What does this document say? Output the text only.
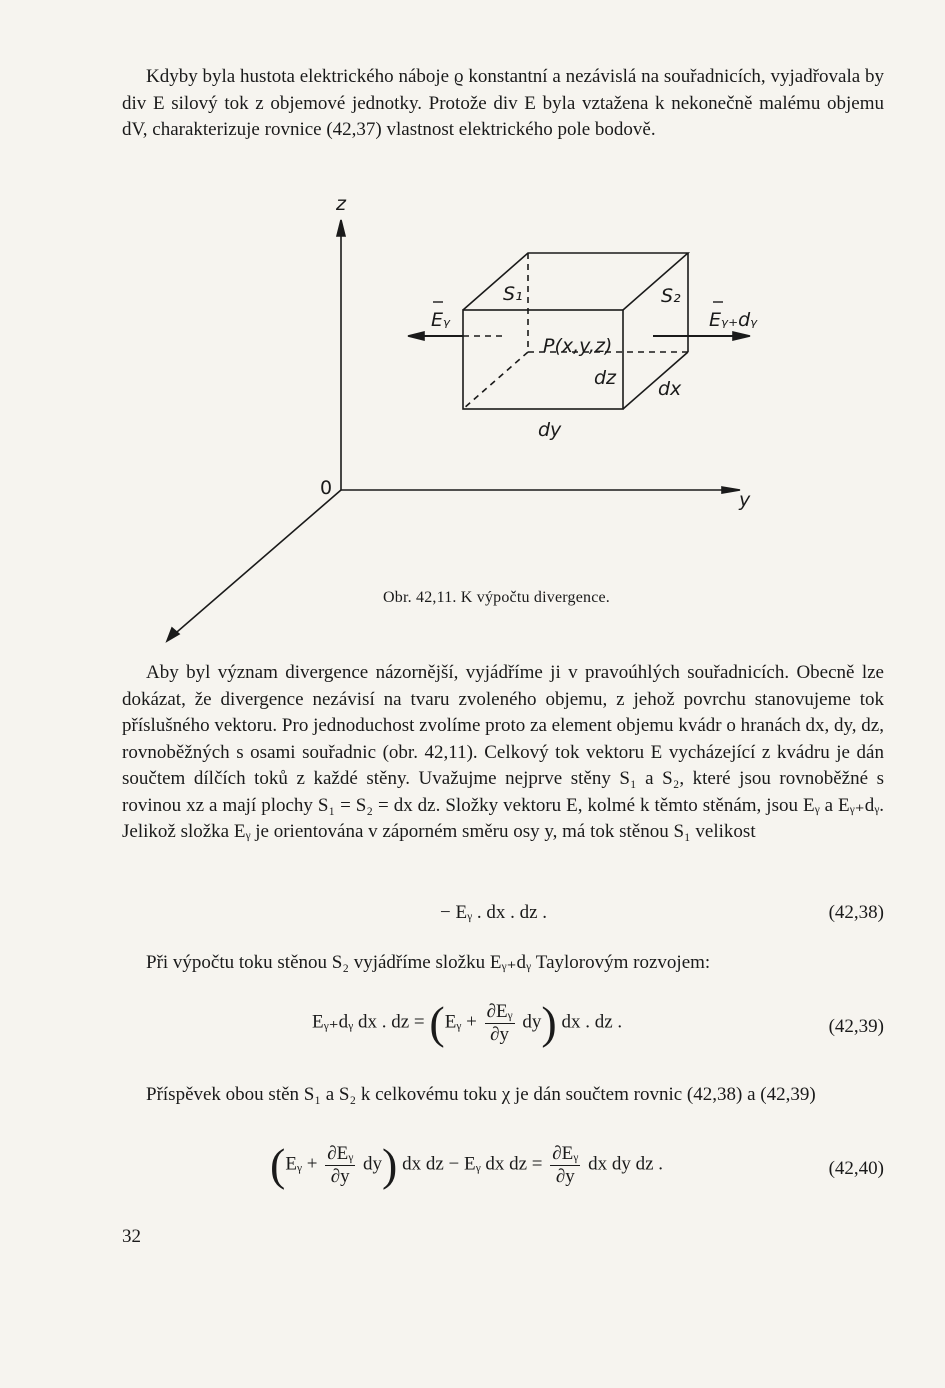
Kdyby byla hustota elektrického náboje ϱ konstantní a nezávislá na souřadnicích, vyjadřovala by div E silový tok z objemové jednotky. Protože div E byla vztažena k nekonečně malému objemu dV, charakterizuje rovnice (42,37) vlastnost elektrického pole bodově.

z
y
0
S₁	S₂
P(x,y,z)
dz dx
dy
Eᵧ	Eᵧ₊dᵧ
Obr. 42,11. K výpočtu divergence.

Aby byl význam divergence názornější, vyjádříme ji v pravoúhlých souřadnicích. Obecně lze dokázat, že divergence nezávisí na tvaru zvoleného objemu, z jehož povrchu stanovujeme tok příslušného vektoru. Pro jednoduchost zvolíme proto za element objemu kvádr o hranách dx, dy, dz, rovnoběžných s osami souřadnic (obr. 42,11). Celkový tok vektoru E vycházející z kvádru je dán součtem dílčích toků z každé stěny. Uvažujme nejprve stěny S₁ a S₂, které jsou rovnoběžné s rovinou xz a mají plochy S₁ = S₂ = dx dz. Složky vektoru E, kolmé k těmto stěnám, jsou Eᵧ a Eᵧ₊dᵧ. Jelikož složka Eᵧ je orientována v záporném směru osy y, má tok stěnou S₁ velikost

− Eᵧ . dx . dz .	(42,38)

Při výpočtu toku stěnou S₂ vyjádříme složku Eᵧ₊dᵧ Taylorovým rozvojem:

Eᵧ₊dᵧ dx . dz = (Eᵧ + $\frac{\text{∂Eᵧ}}{\partial y} dy$) dx . dz .	(42,39)

Příspěvek obou stěn S₁ a S₂ k celkovému toku χ je dán součtem rovnic (42,38) a (42,39)

(Eᵧ + $\frac{\text{∂Eᵧ}}{\partial y} dy$) dx dz − Eᵧ dx dz = $\frac{\text{∂Eᵧ}}{\partial y}$ dx dy dz .	(42,40)
32
